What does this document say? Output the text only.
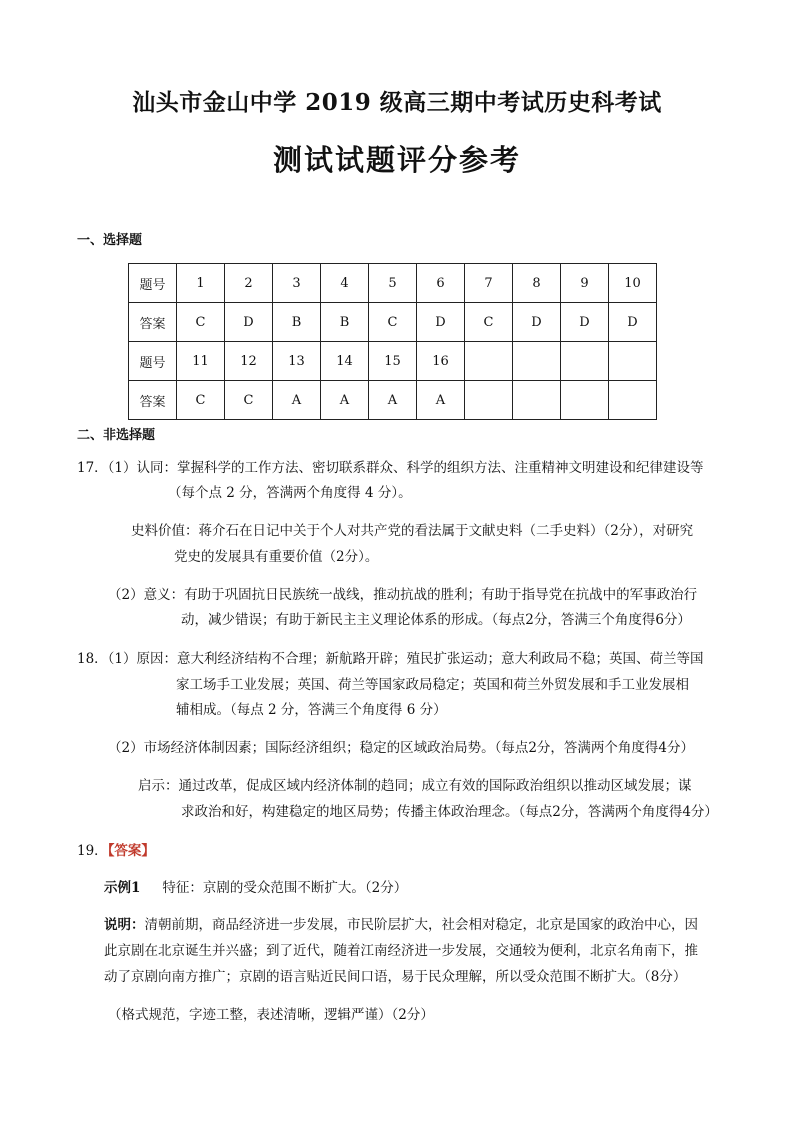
汕头市金山中学 2019 级高三期中考试历史科考试
测试试题评分参考
一、选择题
题号	1	2	3	4	5	6	7	8	9	10
答案	C	D	B	B	C	D	C	D	D	D
题号	11	12	13	14	15	16				
答案	C	C	A	A	A	A				
二、非选择题
17．（1）认同：掌握科学的工作方法、密切联系群众、科学的组织方法、注重精神文明建设和纪律建设等
（每个点 2 分，答满两个角度得 4 分）。
史料价值：蒋介石在日记中关于个人对共产党的看法属于文献史料（二手史料）（2分），对研究
党史的发展具有重要价值（2分）。
（2）意义：有助于巩固抗日民族统一战线，推动抗战的胜利；有助于指导党在抗战中的军事政治行
动，减少错误；有助于新民主主义理论体系的形成。（每点2分，答满三个角度得6分）
18．（1）原因：意大利经济结构不合理；新航路开辟；殖民扩张运动；意大利政局不稳；英国、荷兰等国
家工场手工业发展；英国、荷兰等国家政局稳定；英国和荷兰外贸发展和手工业发展相
辅相成。（每点 2 分，答满三个角度得 6 分）
（2）市场经济体制因素；国际经济组织；稳定的区域政治局势。（每点2分，答满两个角度得4分）
启示：通过改革，促成区域内经济体制的趋同；成立有效的国际政治组织以推动区域发展；谋
求政治和好，构建稳定的地区局势；传播主体政治理念。（每点2分，答满两个角度得4分）
19．【答案】
示例1 特征：京剧的受众范围不断扩大。（2分）
说明：清朝前期，商品经济进一步发展，市民阶层扩大，社会相对稳定，北京是国家的政治中心，因
此京剧在北京诞生并兴盛；到了近代，随着江南经济进一步发展，交通较为便利，北京名角南下，推
动了京剧向南方推广；京剧的语言贴近民间口语，易于民众理解，所以受众范围不断扩大。（8分）
（格式规范，字迹工整，表述清晰，逻辑严谨）（2分）
